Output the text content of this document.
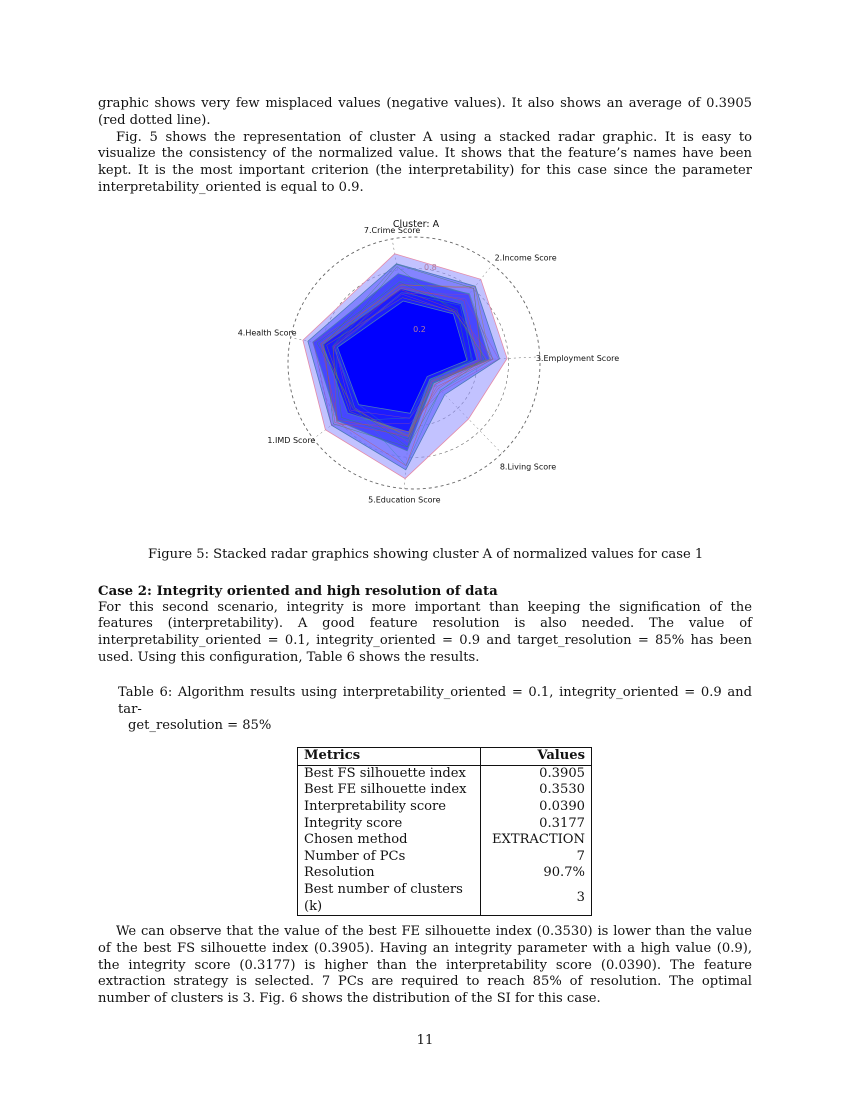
graphic shows very few misplaced values (negative values). It also shows an average of 0.3905 (red dotted line).

Fig. 5 shows the representation of cluster A using a stacked radar graphic. It is easy to visualize the consistency of the normalized value. It shows that the feature’s names have been kept. It is the most important criterion (the interpretability) for this case since the parameter interpretability_oriented is equal to 0.9.

0.2
0.8
7.Crime Score
2.Income Score
3.Employment Score
8.Living Score
5.Education Score
1.IMD Score
4.Health Score
Cluster: A
Figure 5: Stacked radar graphics showing cluster A of normalized values for case 1
Case 2: Integrity oriented and high resolution of data

For this second scenario, integrity is more important than keeping the signification of the features (interpretability). A good feature resolution is also needed. The value of interpretability_oriented = 0.1, integrity_oriented = 0.9 and target_resolution = 85% has been used. Using this configuration, Table 6 shows the results.

Table 6: Algorithm results using interpretability_oriented = 0.1, integrity_oriented = 0.9 and tar-
get_resolution = 85%
Metrics	Values
Best FS silhouette index	0.3905
Best FE silhouette index	0.3530
Interpretability score	0.0390
Integrity score	0.3177
Chosen method	EXTRACTION
Number of PCs	7
Resolution	90.7%
Best number of clusters (k)	3

We can observe that the value of the best FE silhouette index (0.3530) is lower than the value of the best FS silhouette index (0.3905). Having an integrity parameter with a high value (0.9), the integrity score (0.3177) is higher than the interpretability score (0.0390). The feature extraction strategy is selected. 7 PCs are required to reach 85% of resolution. The optimal number of clusters is 3. Fig. 6 shows the distribution of the SI for this case.

11
